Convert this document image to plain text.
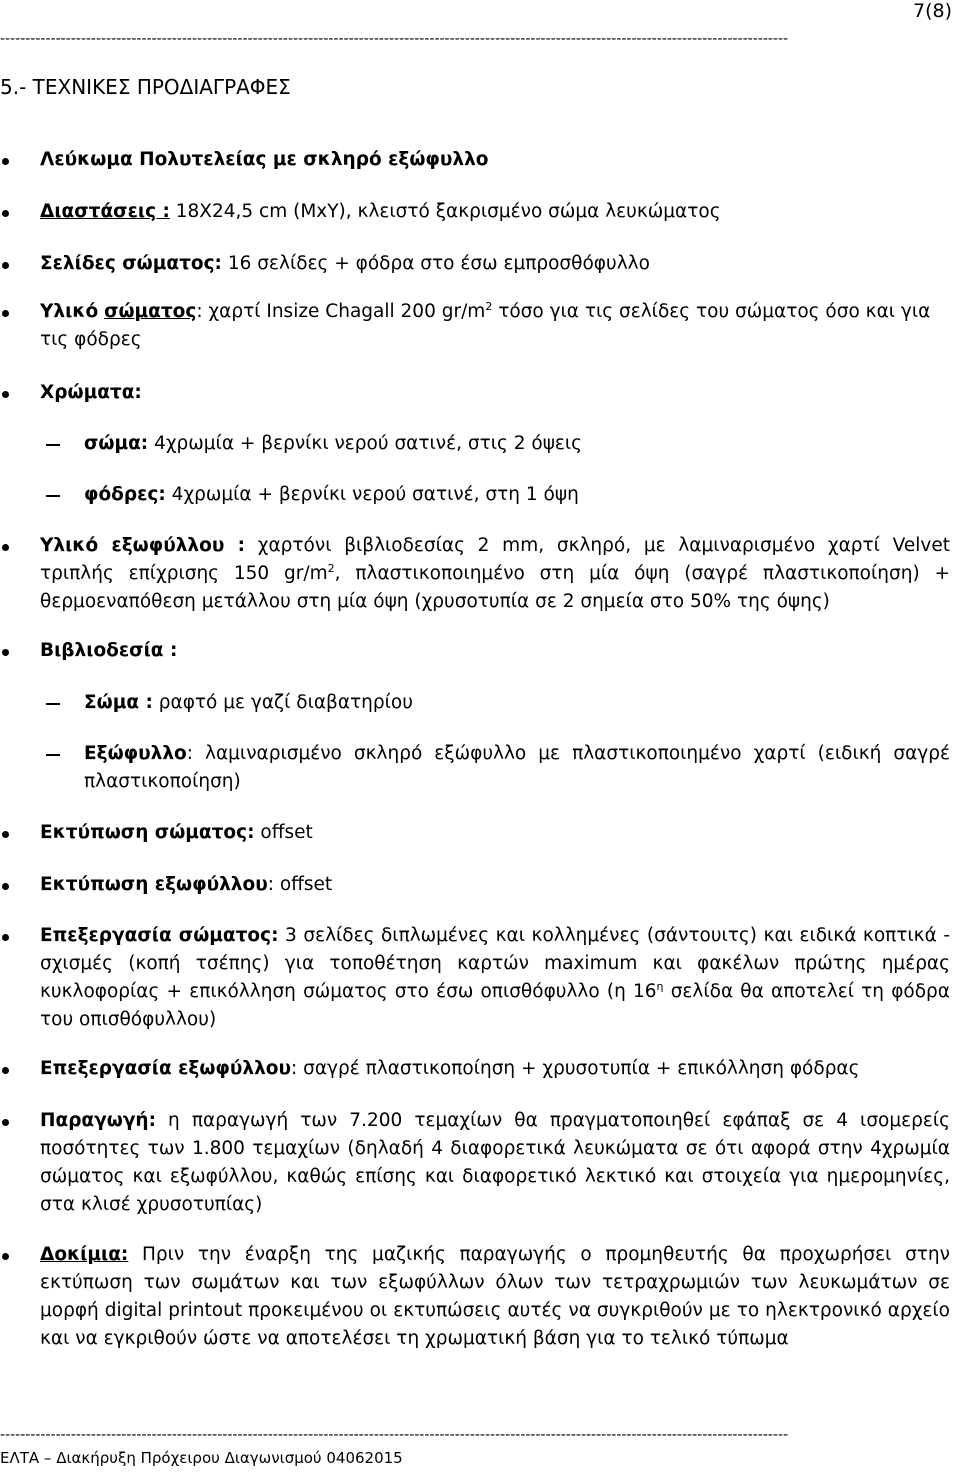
7(8)
------------------------------------------------------------------------------------------------------------------------------------------------------------
5.- ΤΕΧΝΙΚΕΣ ΠΡΟΔΙΑΓΡΑΦΕΣ
Λεύκωμα Πολυτελείας με σκληρό εξώφυλλο
Διαστάσεις : 18Χ24,5 cm (ΜxΥ), κλειστό ξακρισμένο σώμα λευκώματος
Σελίδες σώματος: 16 σελίδες + φόδρα στο έσω εμπροσθόφυλλο
Υλικό σώματος: χαρτί Insize Chagall 200 $gr/m^2$ τόσο για τις σελίδες του σώματος όσο και για τις φόδρες
Χρώματα:
σώμα: 4χρωμία + βερνίκι νερού σατινέ, στις 2 όψεις
φόδρες: 4χρωμία + βερνίκι νερού σατινέ, στη 1 όψη
Υλικό εξωφύλλου : χαρτόνι βιβλιοδεσίας 2 mm, σκληρό, με λαμιναρισμένο χαρτί Velvet τριπλής επίχρισης 150 $gr/m^2$, πλαστικοποιημένο στη μία όψη (σαγρέ πλαστικοποίηση) + θερμοεναπόθεση μετάλλου στη μία όψη (χρυσοτυπία σε 2 σημεία στο 50% της όψης)
Βιβλιοδεσία :
Σώμα : ραφτό με γαζί διαβατηρίου
Εξώφυλλο: λαμιναρισμένο σκληρό εξώφυλλο με πλαστικοποιημένο χαρτί (ειδική σαγρέ πλαστικοποίηση)
Εκτύπωση σώματος: offset
Εκτύπωση εξωφύλλου: offset
Επεξεργασία σώματος: 3 σελίδες διπλωμένες και κολλημένες (σάντουιτς) και ειδικά κοπτικά - σχισμές (κοπή τσέπης) για τοποθέτηση καρτών maximum και φακέλων πρώτης ημέρας κυκλοφορίας + επικόλληση σώματος στο έσω οπισθόφυλλο (η $16^\eta$ σελίδα θα αποτελεί τη φόδρα του οπισθόφυλλου)
Επεξεργασία εξωφύλλου: σαγρέ πλαστικοποίηση + χρυσοτυπία + επικόλληση φόδρας
Παραγωγή: η παραγωγή των 7.200 τεμαχίων θα πραγματοποιηθεί εφάπαξ σε 4 ισομερείς ποσότητες των 1.800 τεμαχίων (δηλαδή 4 διαφορετικά λευκώματα σε ότι αφορά στην 4χρωμία σώματος και εξωφύλλου, καθώς επίσης και διαφορετικό λεκτικό και στοιχεία για ημερομηνίες, στα κλισέ χρυσοτυπίας)
Δοκίμια: Πριν την έναρξη της μαζικής παραγωγής ο προμηθευτής θα προχωρήσει στην εκτύπωση των σωμάτων και των εξωφύλλων όλων των τετραχρωμιών των λευκωμάτων σε μορφή digital printout προκειμένου οι εκτυπώσεις αυτές να συγκριθούν με το ηλεκτρονικό αρχείο και να εγκριθούν ώστε να αποτελέσει τη χρωματική βάση για το τελικό τύπωμα
------------------------------------------------------------------------------------------------------------------------------------------------------------
ΕΛΤΑ – Διακήρυξη Πρόχειρου Διαγωνισμού 04062015
